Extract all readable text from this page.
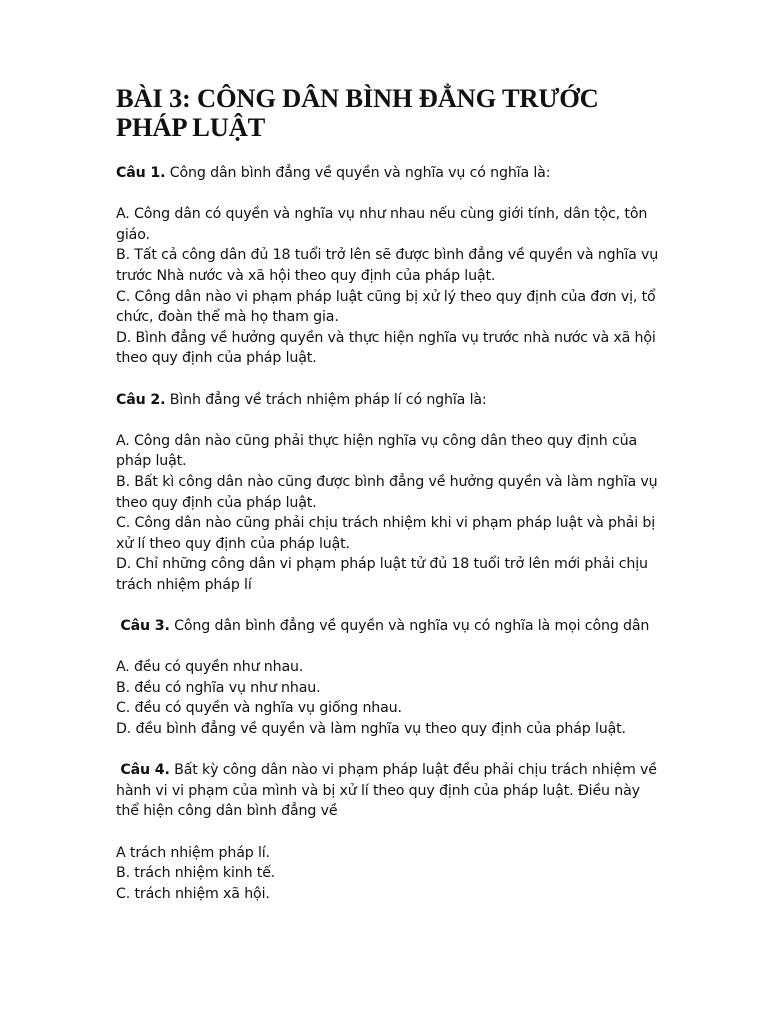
BÀI 3: CÔNG DÂN BÌNH ĐẲNG TRƯỚC PHÁP LUẬT

Câu 1. Công dân bình đẳng về quyền và nghĩa vụ có nghĩa là:

A. Công dân có quyền và nghĩa vụ như nhau nếu cùng giới tính, dân tộc, tôn giáo.

B. Tất cả công dân đủ 18 tuổi trở lên sẽ được bình đẳng về quyền và nghĩa vụ trước Nhà nước và xã hội theo quy định của pháp luật.

C. Công dân nào vi phạm pháp luật cũng bị xử lý theo quy định của đơn vị, tổ chức, đoàn thể mà họ tham gia.

D. Bình đẳng về hưởng quyền và thực hiện nghĩa vụ trước nhà nước và xã hội theo quy định của pháp luật.

Câu 2. Bình đẳng về trách nhiệm pháp lí có nghĩa là:

A. Công dân nào cũng phải thực hiện nghĩa vụ công dân theo quy định của pháp luật.

B. Bất kì công dân nào cũng được bình đẳng về hưởng quyền và làm nghĩa vụ theo quy định của pháp luật.

C. Công dân nào cũng phải chịu trách nhiệm khi vi phạm pháp luật và phải bị xử lí theo quy định của pháp luật.

D. Chỉ những công dân vi phạm pháp luật tử đủ 18 tuổi trở lên mới phải chịu trách nhiệm pháp lí

Câu 3. Công dân bình đẳng về quyền và nghĩa vụ có nghĩa là mọi công dân

A. đều có quyền như nhau.

B. đều có nghĩa vụ như nhau.

C. đều có quyền và nghĩa vụ giống nhau.

D. đều bình đẳng về quyền và làm nghĩa vụ theo quy định của pháp luật.

Câu 4. Bất kỳ công dân nào vi phạm pháp luật đều phải chịu trách nhiệm về hành vi vi phạm của mình và bị xử lí theo quy định của pháp luật. Điều này thể hiện công dân bình đẳng về

A trách nhiệm pháp lí.

B. trách nhiệm kinh tế.

C. trách nhiệm xã hội.
